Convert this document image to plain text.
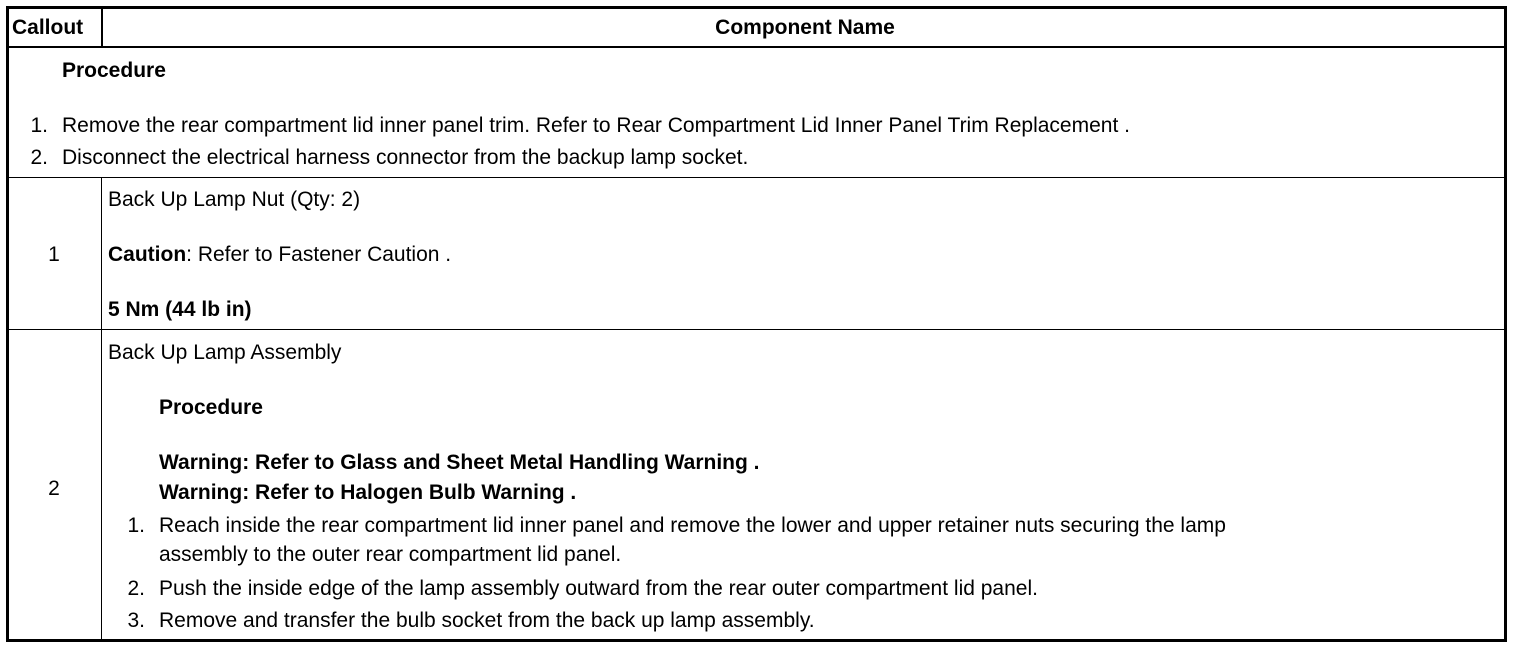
Callout	Component Name
Procedure
1. Remove the rear compartment lid inner panel trim. Refer to Rear Compartment Lid Inner Panel Trim Replacement .
2. Disconnect the electrical harness connector from the backup lamp socket.
1
Back Up Lamp Nut (Qty: 2)
Caution: Refer to Fastener Caution .
5 Nm (44 lb in)
2
Back Up Lamp Assembly
Procedure
Warning: Refer to Glass and Sheet Metal Handling Warning .
Warning: Refer to Halogen Bulb Warning .
1. Reach inside the rear compartment lid inner panel and remove the lower and upper retainer nuts securing the lamp
assembly to the outer rear compartment lid panel.
2. Push the inside edge of the lamp assembly outward from the rear outer compartment lid panel.
3. Remove and transfer the bulb socket from the back up lamp assembly.
